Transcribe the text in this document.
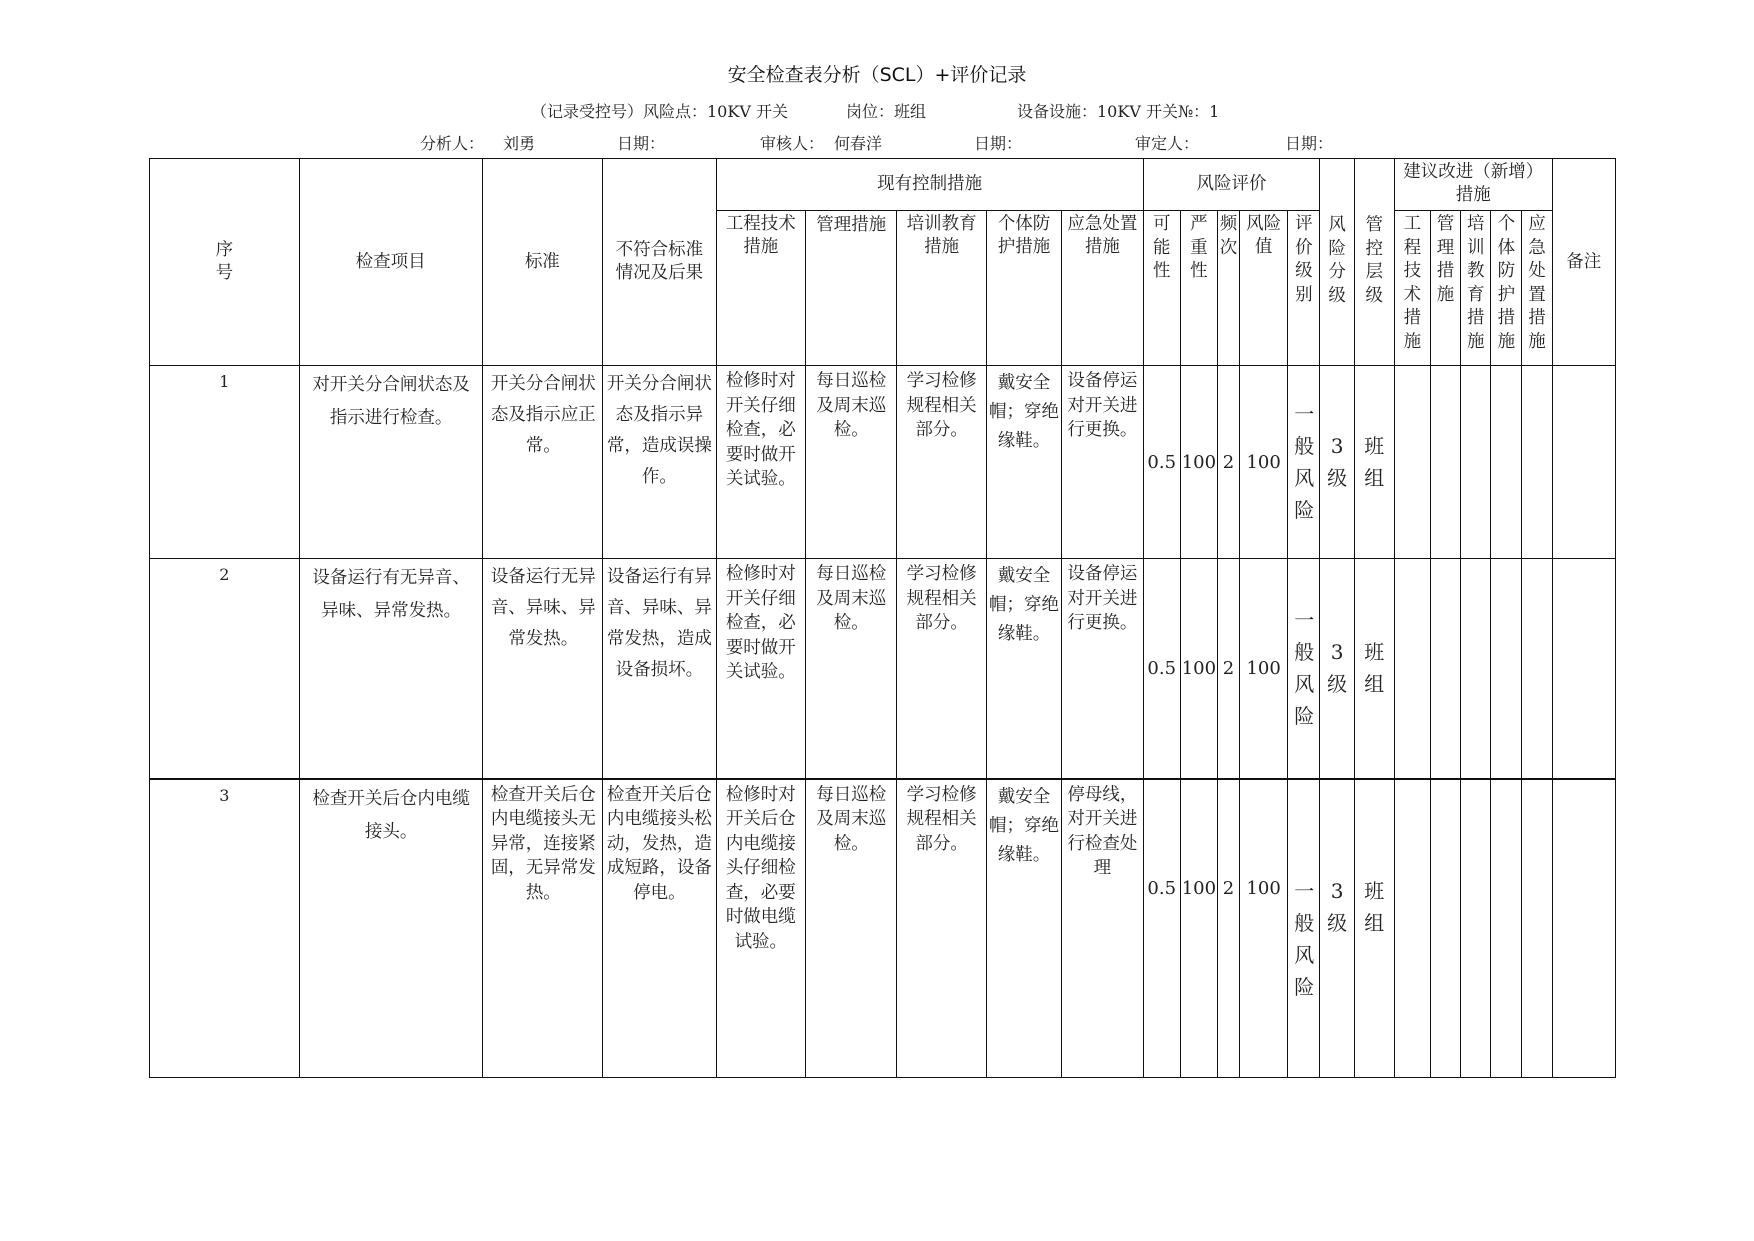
安全检查表分析（SCL）+评价记录
（记录受控号）风险点：10KV 开关	岗位：班组	设备设施：10KV 开关№：1
分析人： 刘勇	日期：	审核人： 何春洋	日期：	审定人：	日期：
序号	检查项目	标准	不符合标准情况及后果	现有控制措施					风险评价					风险分级	管控层级	建议改进（新增）措施					备注
				工程技术措施	管理措施	培训教育措施	个体防护措施	应急处置措施	可能性	严重性	频次	风险值	评价级别			工程技术措施	管理措施	培训教育措施	个体防护措施	应急处置措施	
1	对开关分合闸状态及指示进行检查。	开关分合闸状态及指示应正常。	开关分合闸状态及指示异常，造成误操作。	检修时对开关仔细检查，必要时做开关试验。	每日巡检及周末巡检。	学习检修规程相关部分。	戴安全帽；穿绝缘鞋。	设备停运对开关进行更换。	0.5	100	2	100	一般风险	3级	班组						
2	设备运行有无异音、异味、异常发热。	设备运行无异音、异味、异常发热。	设备运行有异音、异味、异常发热，造成设备损坏。	检修时对开关仔细检查，必要时做开关试验。	每日巡检及周末巡检。	学习检修规程相关部分。	戴安全帽；穿绝缘鞋。	设备停运对开关进行更换。	0.5	100	2	100	一般风险	3级	班组						
3	检查开关后仓内电缆接头。	检查开关后仓内电缆接头无异常，连接紧固，无异常发热。	检查开关后仓内电缆接头松动，发热，造成短路，设备停电。	检修时对开关后仓内电缆接头仔细检查，必要时做电缆试验。	每日巡检及周末巡检。	学习检修规程相关部分。	戴安全帽；穿绝缘鞋。	停母线，对开关进行检查处理	0.5	100	2	100	一般风险	3级	班组						
